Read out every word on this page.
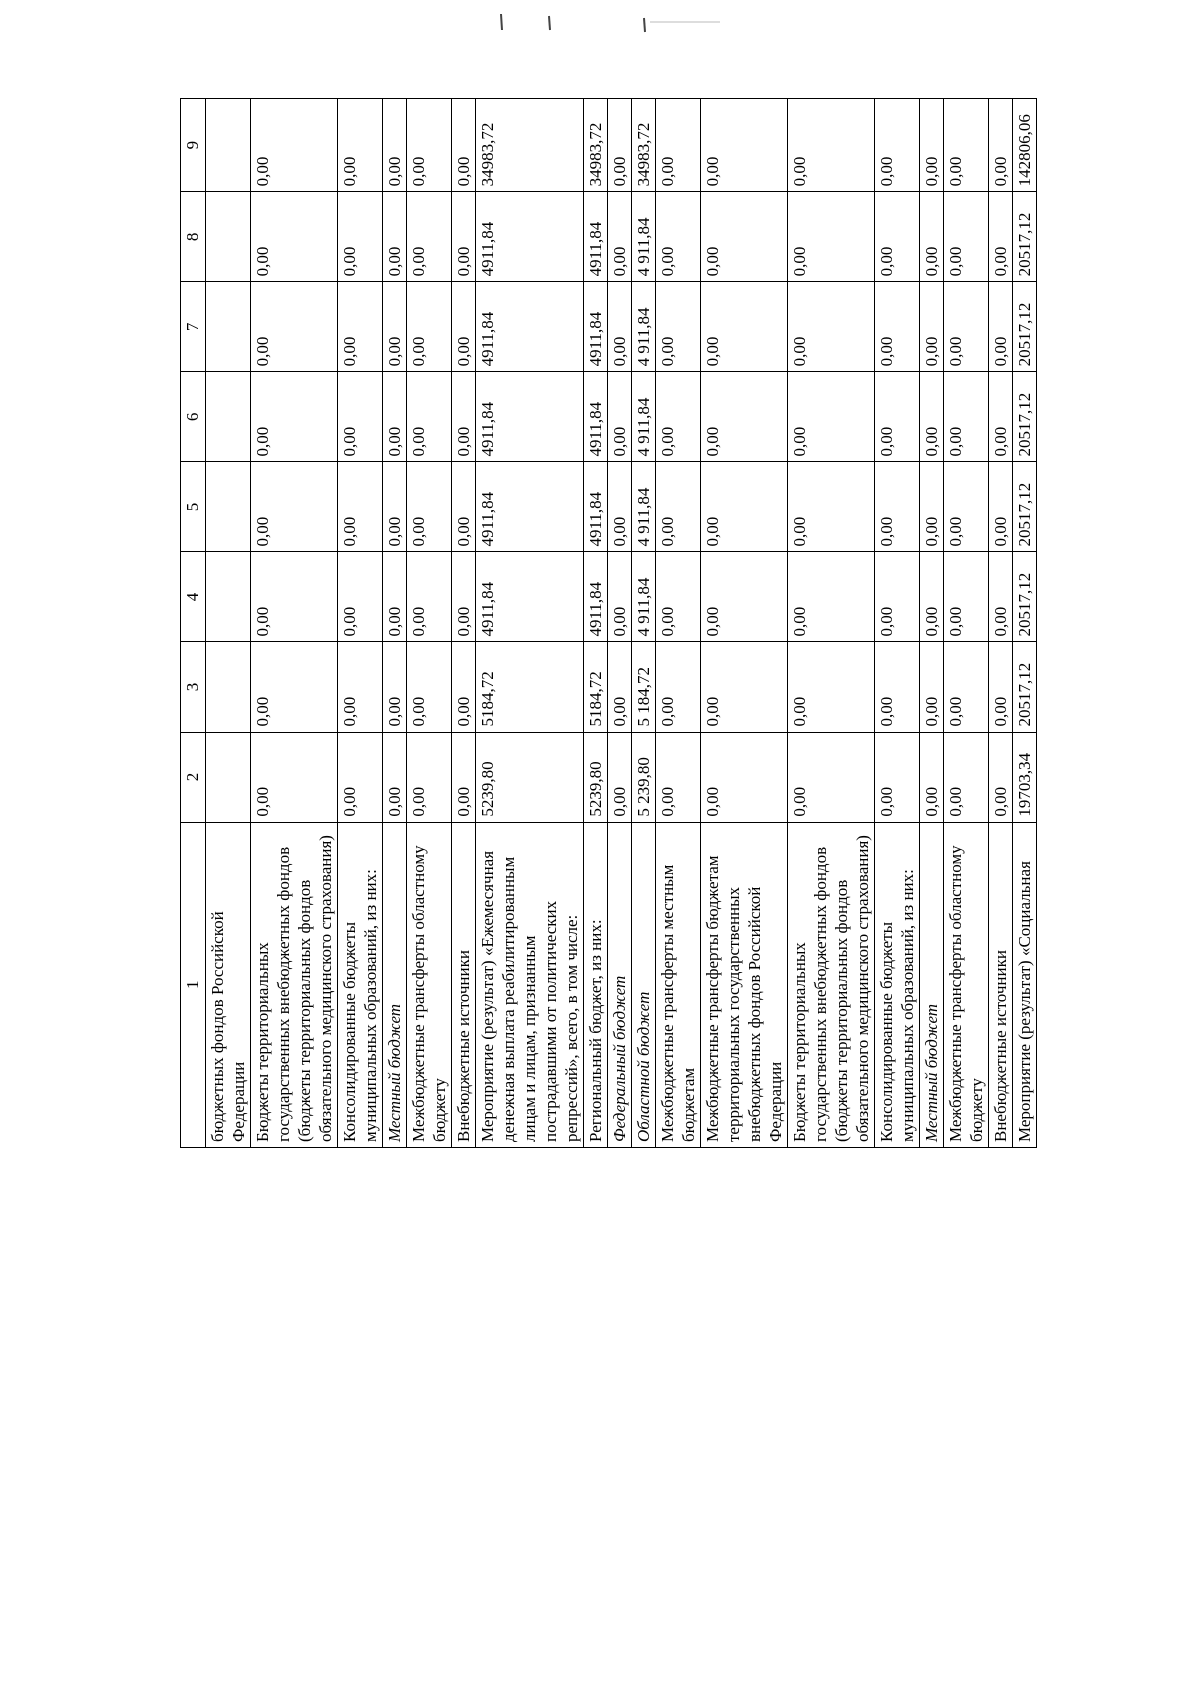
1	2	3	4	5	6	7	8	9
бюджетных фондов Российской Федерации								
Бюджеты территориальных государственных внебюджетных фондов (бюджеты территориальных фондов обязательного медицинского страхования)	0,00	0,00	0,00	0,00	0,00	0,00	0,00	0,00
Консолидированные бюджеты муниципальных образований, из них:	0,00	0,00	0,00	0,00	0,00	0,00	0,00	0,00
Местный бюджет	0,00	0,00	0,00	0,00	0,00	0,00	0,00	0,00
Межбюджетные трансферты областному бюджету	0,00	0,00	0,00	0,00	0,00	0,00	0,00	0,00
Внебюджетные источники	0,00	0,00	0,00	0,00	0,00	0,00	0,00	0,00
Мероприятие (результат) «Ежемесячная денежная выплата реабилитированным лицам и лицам, признанным пострадавшими от политических репрессий», всего, в том числе:	5239,80	5184,72	4911,84	4911,84	4911,84	4911,84	4911,84	34983,72
Региональный бюджет, из них:	5239,80	5184,72	4911,84	4911,84	4911,84	4911,84	4911,84	34983,72
Федеральный бюджет	0,00	0,00	0,00	0,00	0,00	0,00	0,00	0,00
Областной бюджет	5 239,80	5 184,72	4 911,84	4 911,84	4 911,84	4 911,84	4 911,84	34983,72
Межбюджетные трансферты местным бюджетам	0,00	0,00	0,00	0,00	0,00	0,00	0,00	0,00
Межбюджетные трансферты бюджетам территориальных государственных внебюджетных фондов Российской Федерации	0,00	0,00	0,00	0,00	0,00	0,00	0,00	0,00
Бюджеты территориальных государственных внебюджетных фондов (бюджеты территориальных фондов обязательного медицинского страхования)	0,00	0,00	0,00	0,00	0,00	0,00	0,00	0,00
Консолидированные бюджеты муниципальных образований, из них:	0,00	0,00	0,00	0,00	0,00	0,00	0,00	0,00
Местный бюджет	0,00	0,00	0,00	0,00	0,00	0,00	0,00	0,00
Межбюджетные трансферты областному бюджету	0,00	0,00	0,00	0,00	0,00	0,00	0,00	0,00
Внебюджетные источники	0,00	0,00	0,00	0,00	0,00	0,00	0,00	0,00
Мероприятие (результат) «Социальная	19703,34	20517,12	20517,12	20517,12	20517,12	20517,12	20517,12	142806,06
